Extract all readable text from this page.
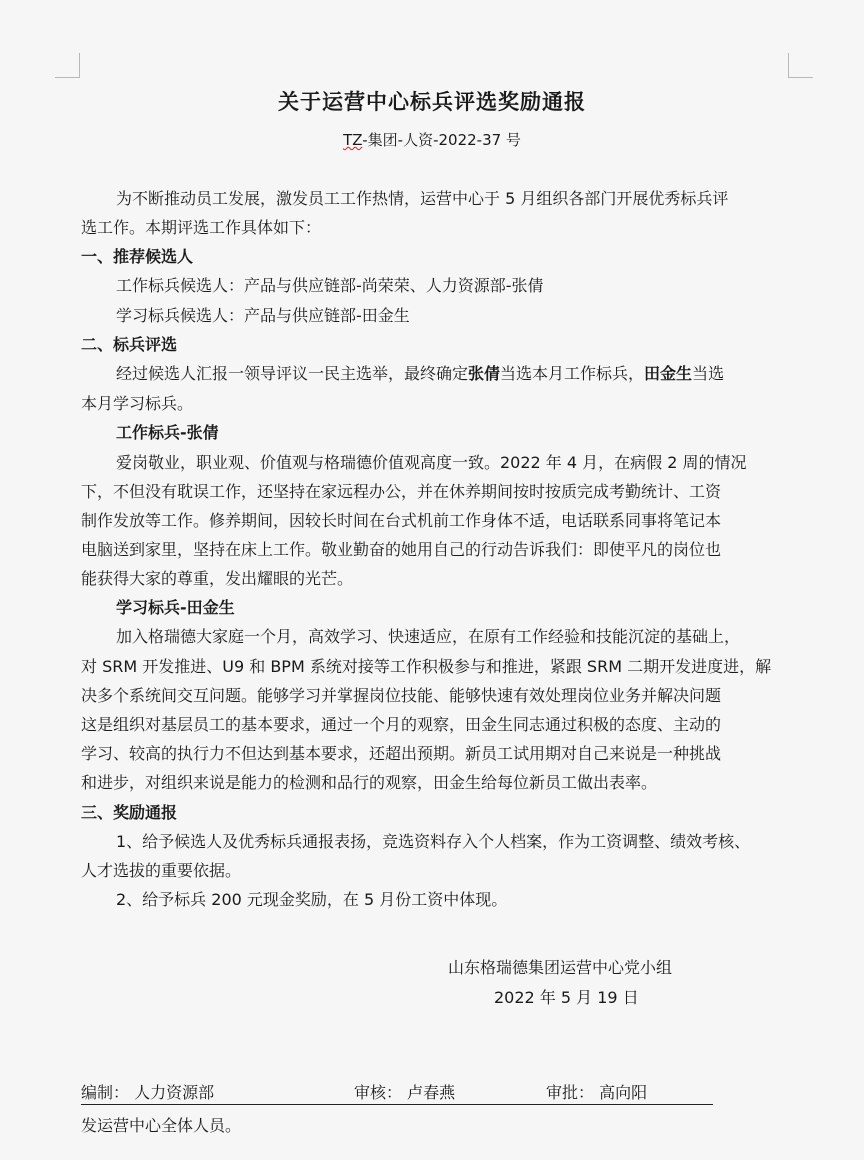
关于运营中心标兵评选奖励通报
TZ-集团-人资-2022-37 号
为不断推动员工发展，激发员工工作热情，运营中心于 5 月组织各部门开展优秀标兵评
选工作。本期评选工作具体如下：
一、推荐候选人
工作标兵候选人：产品与供应链部-尚荣荣、人力资源部-张倩
学习标兵候选人：产品与供应链部-田金生
二、标兵评选
经过候选人汇报一领导评议一民主选举，最终确定张倩当选本月工作标兵，田金生当选
本月学习标兵。
工作标兵-张倩
爱岗敬业，职业观、价值观与格瑞德价值观高度一致。2022 年 4 月，在病假 2 周的情况
下，不但没有耽误工作，还坚持在家远程办公，并在休养期间按时按质完成考勤统计、工资
制作发放等工作。修养期间，因较长时间在台式机前工作身体不适，电话联系同事将笔记本
电脑送到家里，坚持在床上工作。敬业勤奋的她用自己的行动告诉我们：即使平凡的岗位也
能获得大家的尊重，发出耀眼的光芒。
学习标兵-田金生
加入格瑞德大家庭一个月，高效学习、快速适应，在原有工作经验和技能沉淀的基础上，
对 SRM 开发推进、U9 和 BPM 系统对接等工作积极参与和推进，紧跟 SRM 二期开发进度进，解
决多个系统间交互问题。能够学习并掌握岗位技能、能够快速有效处理岗位业务并解决问题
这是组织对基层员工的基本要求，通过一个月的观察，田金生同志通过积极的态度、主动的
学习、较高的执行力不但达到基本要求，还超出预期。新员工试用期对自己来说是一种挑战
和进步，对组织来说是能力的检测和品行的观察，田金生给每位新员工做出表率。
三、奖励通报
1、给予候选人及优秀标兵通报表扬，竞选资料存入个人档案，作为工资调整、绩效考核、
人才选拔的重要依据。
2、给予标兵 200 元现金奖励，在 5 月份工资中体现。
山东格瑞德集团运营中心党小组
2022 年 5 月 19 日
编制： 人力资源部	审核： 卢春燕	审批： 高向阳
发运营中心全体人员。
